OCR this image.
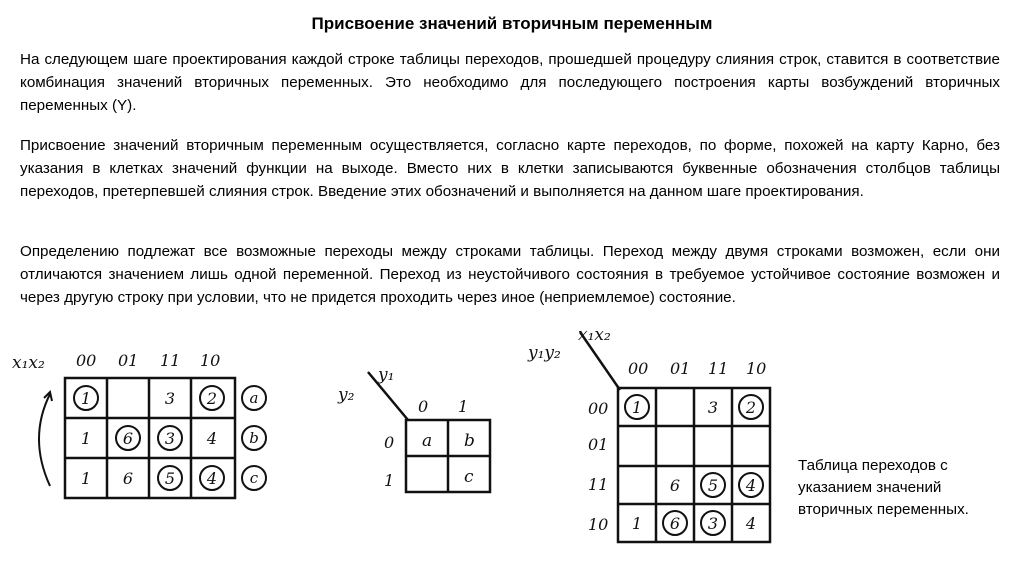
Присвоение значений вторичным переменным

На следующем шаге проектирования каждой строке таблицы переходов, прошедшей процедуру слияния строк, ставится в соответствие комбинация значений вторичных переменных. Это необходимо для последующего построения карты возбуждений вторичных переменных (Y).

Присвоение значений вторичным переменным осуществляется, согласно карте переходов, по форме, похожей на карту Карно, без указания в клетках значений функции на выходе. Вместо них в клетки записываются буквенные обозначения столбцов таблицы переходов, претерпевшей слияния строк. Введение этих обозначений и выполняется на данном шаге проектирования.

Определению подлежат все возможные переходы между строками таблицы. Переход между двумя строками возможен, если они отличаются значением лишь одной переменной. Переход из неустойчивого состояния в требуемое устойчивое состояние возможен и через другую строку при условии, что не придется проходить через иное (неприемлемое) состояние.

x₁x₂ 00 01 11 10
1	3 2 a
1 6 3 4 b
1 6 5 4 c
y₁
y₂
0 1
0
1
a b
c
x₁x₂
y₁y₂
00 01 11 10
00
01
11
10
1	3 2
6 5 4
1 6 3 4
Таблица переходов с указанием значений вторичных переменных.
